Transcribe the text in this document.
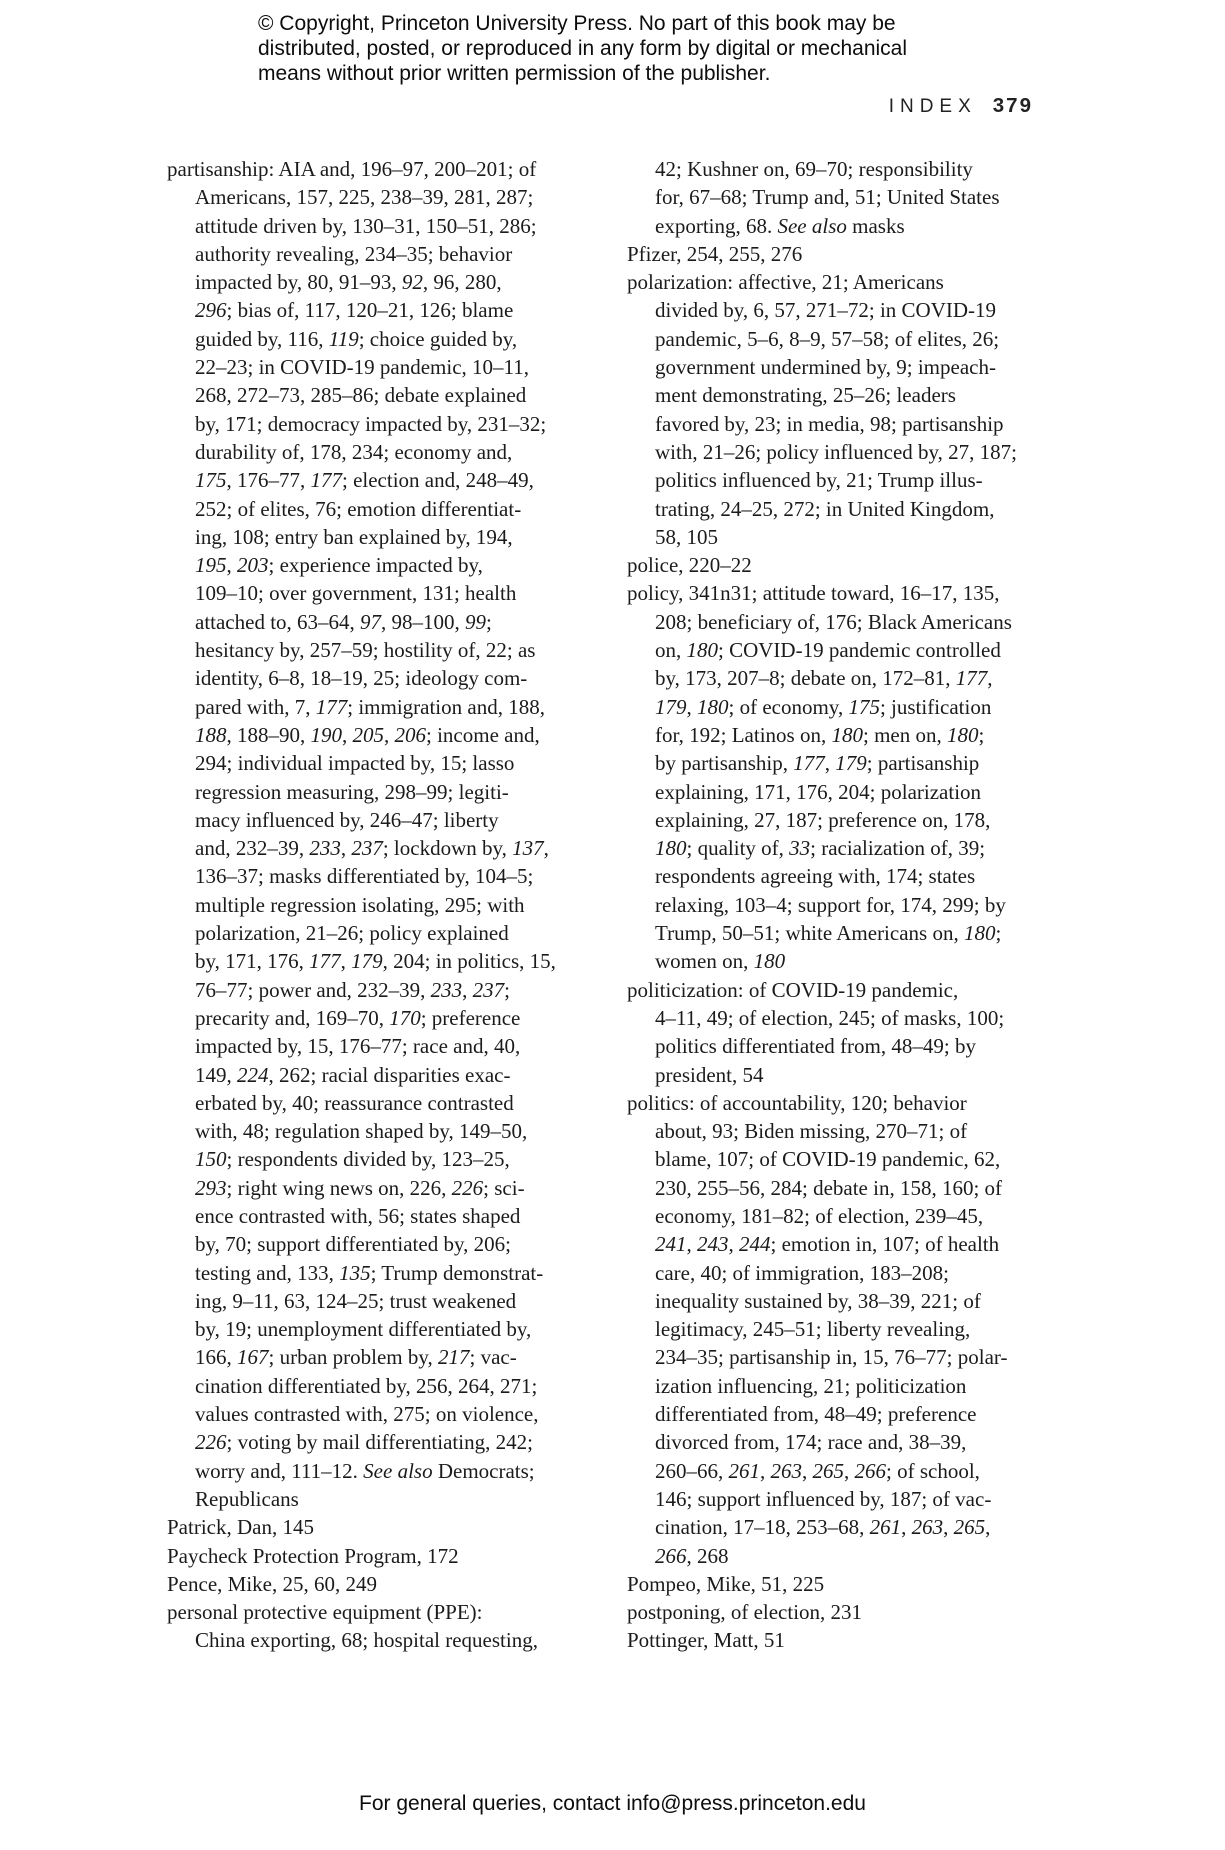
© Copyright, Princeton University Press. No part of this book may be
distributed, posted, or reproduced in any form by digital or mechanical
means without prior written permission of the publisher.
INDEX 379
partisanship: AIA and, 196–97, 200–201; of
Americans, 157, 225, 238–39, 281, 287;
attitude driven by, 130–31, 150–51, 286;
authority revealing, 234–35; behavior
impacted by, 80, 91–93, 92, 96, 280,
296; bias of, 117, 120–21, 126; blame
guided by, 116, 119; choice guided by,
22–23; in COVID-19 pandemic, 10–11,
268, 272–73, 285–86; debate explained
by, 171; democracy impacted by, 231–32;
durability of, 178, 234; economy and,
175, 176–77, 177; election and, 248–49,
252; of elites, 76; emotion differentiat-
ing, 108; entry ban explained by, 194,
195, 203; experience impacted by,
109–10; over government, 131; health
attached to, 63–64, 97, 98–100, 99;
hesitancy by, 257–59; hostility of, 22; as
identity, 6–8, 18–19, 25; ideology com-
pared with, 7, 177; immigration and, 188,
188, 188–90, 190, 205, 206; income and,
294; individual impacted by, 15; lasso
regression measuring, 298–99; legiti-
macy influenced by, 246–47; liberty
and, 232–39, 233, 237; lockdown by, 137,
136–37; masks differentiated by, 104–5;
multiple regression isolating, 295; with
polarization, 21–26; policy explained
by, 171, 176, 177, 179, 204; in politics, 15,
76–77; power and, 232–39, 233, 237;
precarity and, 169–70, 170; preference
impacted by, 15, 176–77; race and, 40,
149, 224, 262; racial disparities exac-
erbated by, 40; reassurance contrasted
with, 48; regulation shaped by, 149–50,
150; respondents divided by, 123–25,
293; right wing news on, 226, 226; sci-
ence contrasted with, 56; states shaped
by, 70; support differentiated by, 206;
testing and, 133, 135; Trump demonstrat-
ing, 9–11, 63, 124–25; trust weakened
by, 19; unemployment differentiated by,
166, 167; urban problem by, 217; vac-
cination differentiated by, 256, 264, 271;
values contrasted with, 275; on violence,
226; voting by mail differentiating, 242;
worry and, 111–12. See also Democrats;
Republicans
Patrick, Dan, 145
Paycheck Protection Program, 172
Pence, Mike, 25, 60, 249
personal protective equipment (PPE):
China exporting, 68; hospital requesting,
42; Kushner on, 69–70; responsibility
for, 67–68; Trump and, 51; United States
exporting, 68. See also masks
Pfizer, 254, 255, 276
polarization: affective, 21; Americans
divided by, 6, 57, 271–72; in COVID-19
pandemic, 5–6, 8–9, 57–58; of elites, 26;
government undermined by, 9; impeach-
ment demonstrating, 25–26; leaders
favored by, 23; in media, 98; partisanship
with, 21–26; policy influenced by, 27, 187;
politics influenced by, 21; Trump illus-
trating, 24–25, 272; in United Kingdom,
58, 105
police, 220–22
policy, 341n31; attitude toward, 16–17, 135,
208; beneficiary of, 176; Black Americans
on, 180; COVID-19 pandemic controlled
by, 173, 207–8; debate on, 172–81, 177,
179, 180; of economy, 175; justification
for, 192; Latinos on, 180; men on, 180;
by partisanship, 177, 179; partisanship
explaining, 171, 176, 204; polarization
explaining, 27, 187; preference on, 178,
180; quality of, 33; racialization of, 39;
respondents agreeing with, 174; states
relaxing, 103–4; support for, 174, 299; by
Trump, 50–51; white Americans on, 180;
women on, 180
politicization: of COVID-19 pandemic,
4–11, 49; of election, 245; of masks, 100;
politics differentiated from, 48–49; by
president, 54
politics: of accountability, 120; behavior
about, 93; Biden missing, 270–71; of
blame, 107; of COVID-19 pandemic, 62,
230, 255–56, 284; debate in, 158, 160; of
economy, 181–82; of election, 239–45,
241, 243, 244; emotion in, 107; of health
care, 40; of immigration, 183–208;
inequality sustained by, 38–39, 221; of
legitimacy, 245–51; liberty revealing,
234–35; partisanship in, 15, 76–77; polar-
ization influencing, 21; politicization
differentiated from, 48–49; preference
divorced from, 174; race and, 38–39,
260–66, 261, 263, 265, 266; of school,
146; support influenced by, 187; of vac-
cination, 17–18, 253–68, 261, 263, 265,
266, 268
Pompeo, Mike, 51, 225
postponing, of election, 231
Pottinger, Matt, 51
For general queries, contact info@press.princeton.edu
